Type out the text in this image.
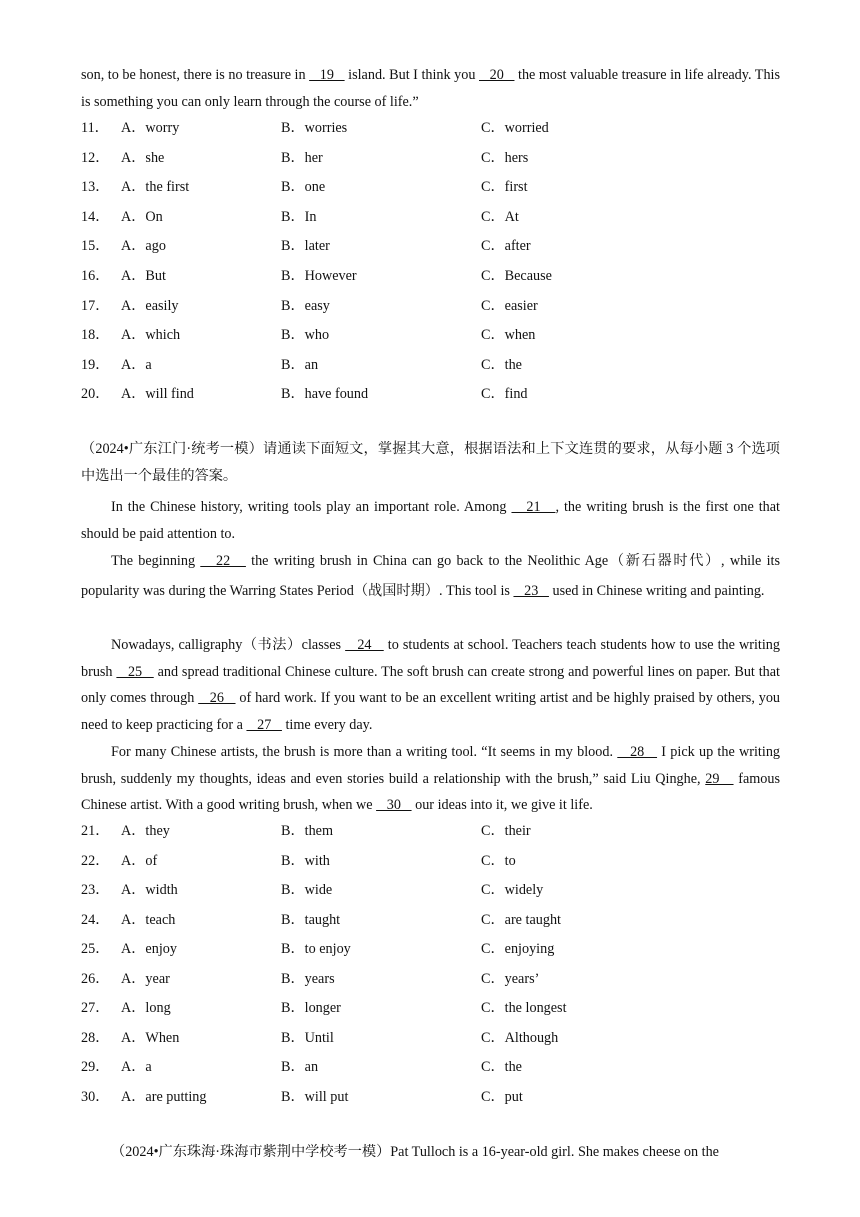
son, to be honest, there is no treasure in    19    island. But I think you    20    the most valuable treasure in life already. This is something you can only learn through the course of life.”
11． A．worry	B．worries	C．worried
12． A．she	B．her	C．hers
13． A．the first	B．one	C．first
14． A．On	B．In	C．At
15． A．ago	B．later	C．after
16． A．But	B．However	C．Because
17． A．easily	B．easy	C．easier
18． A．which	B．who	C．when
19． A．a	B．an	C．the
20． A．will find	B．have found	C．find
（2024•广东江门·统考一模）请通读下面短文，掌握其大意，根据语法和上下文连贯的要求，从每小题 3 个选项中选出一个最佳的答案。
In the Chinese history, writing tools play an important role. Among    21   , the writing brush is the first one that should be paid attention to.
The beginning    22    the writing brush in China can go back to the Neolithic Age（新石器时代）, while its popularity was during the Warring States Period（战国时期）. This tool is    23    used in Chinese writing and painting.
Nowadays, calligraphy（书法）classes    24    to students at school. Teachers teach students how to use the writing brush    25    and spread traditional Chinese culture. The soft brush can create strong and powerful lines on paper. But that only comes through    26    of hard work. If you want to be an excellent writing artist and be highly praised by others, you need to keep practicing for a    27    time every day.
For many Chinese artists, the brush is more than a writing tool. “It seems in my blood.    28    I pick up the writing brush, suddenly my thoughts, ideas and even stories build a relationship with the brush,” said Liu Qinghe, 29    famous Chinese artist. With a good writing brush, when we    30    our ideas into it, we give it life.
21． A．they	B．them	C．their
22． A．of	B．with	C．to
23． A．width	B．wide	C．widely
24． A．teach	B．taught	C．are taught
25． A．enjoy	B．to enjoy	C．enjoying
26． A．year	B．years	C．years’
27． A．long	B．longer	C．the longest
28． A．When	B．Until	C．Although
29． A．a	B．an	C．the
30． A．are putting	B．will put	C．put
（2024•广东珠海·珠海市紫荆中学校考一模）Pat Tulloch is a 16-year-old girl. She makes cheese on the
